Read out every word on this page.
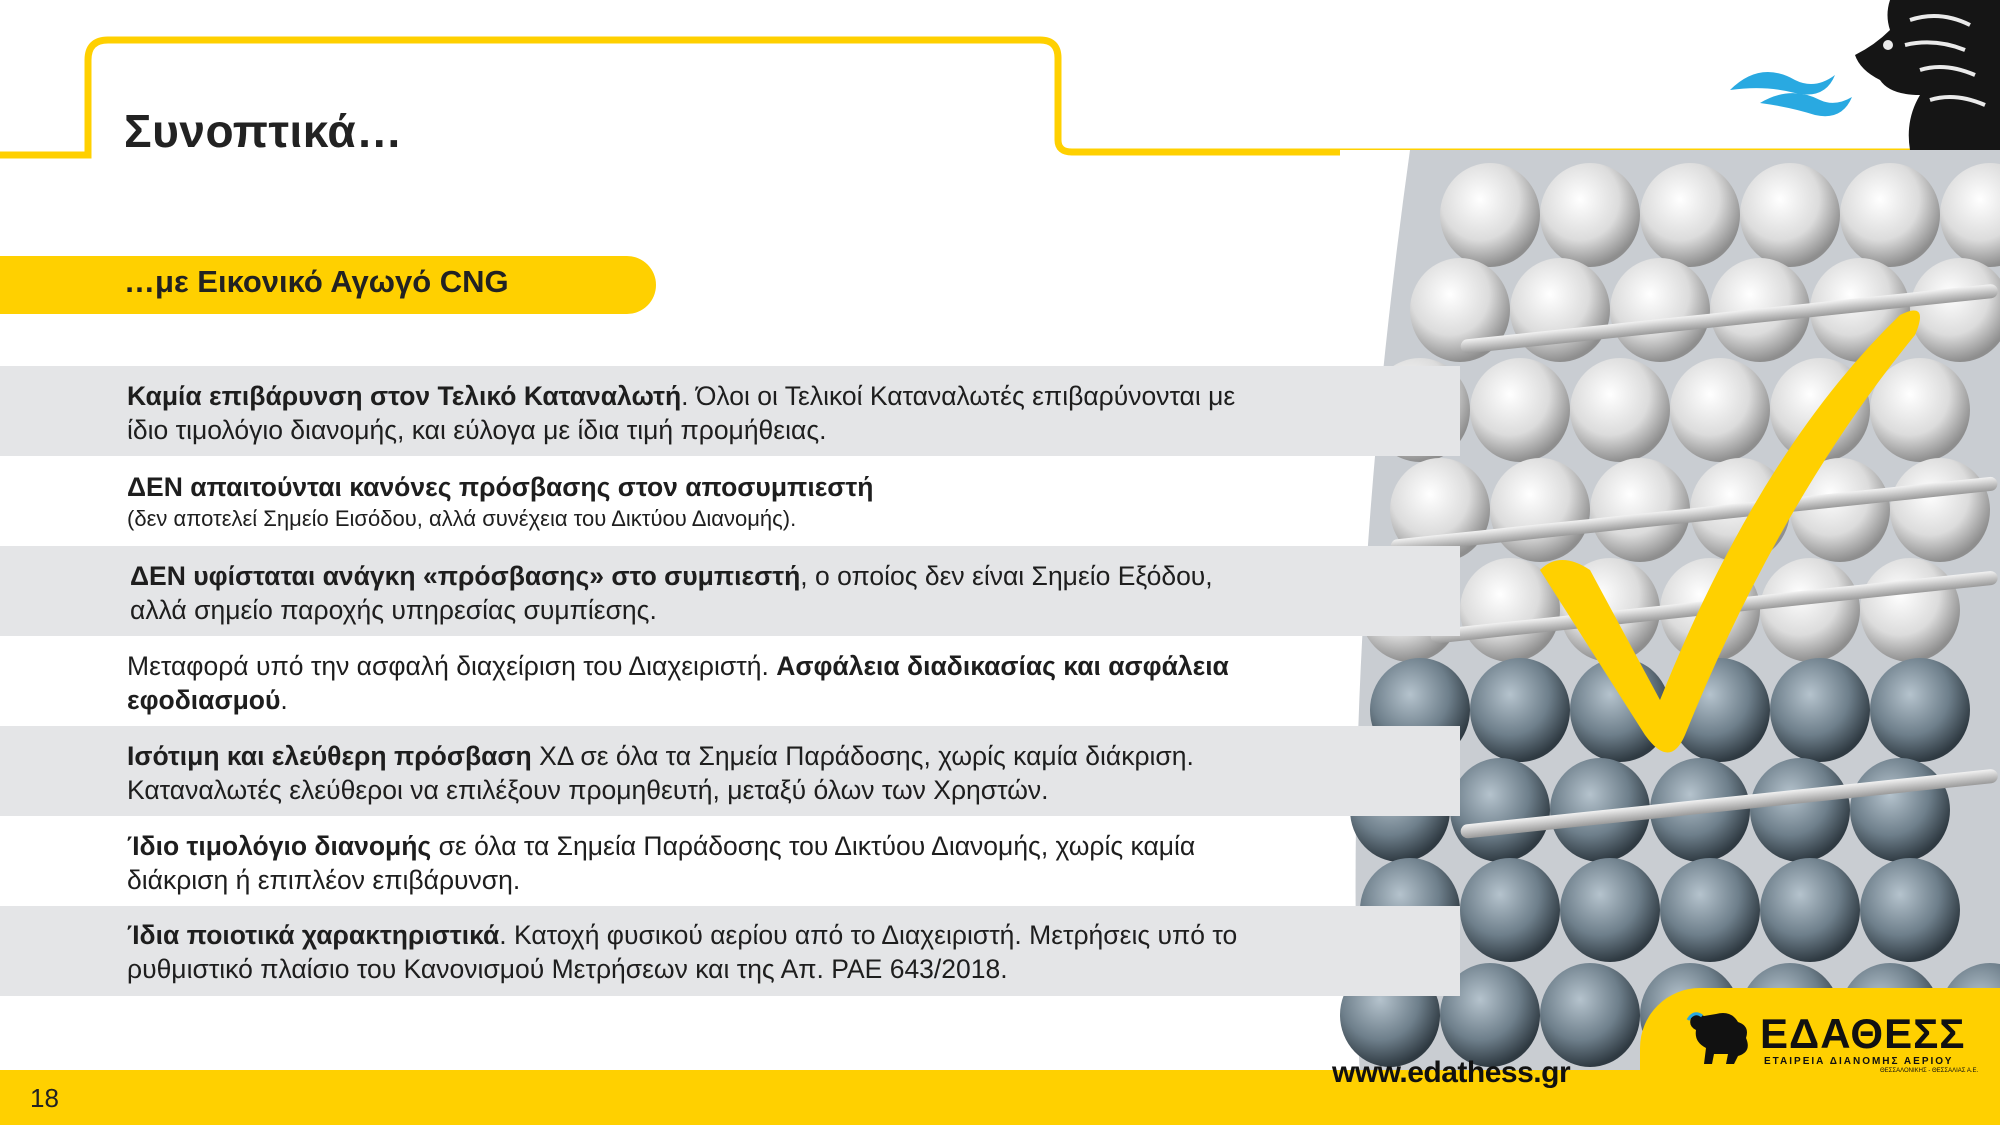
Συνοπτικά…
…με Εικονικό Αγωγό CNG
Καμία επιβάρυνση στον Τελικό Καταναλωτή. Όλοι οι Τελικοί Καταναλωτές επιβαρύνονται με
ίδιο τιμολόγιο διανομής, και εύλογα με ίδια τιμή προμήθειας.
ΔΕΝ απαιτούνται κανόνες πρόσβασης στον αποσυμπιεστή
(δεν αποτελεί Σημείο Εισόδου, αλλά συνέχεια του Δικτύου Διανομής).
ΔΕΝ υφίσταται ανάγκη «πρόσβασης» στο συμπιεστή, ο οποίος δεν είναι Σημείο Εξόδου,
αλλά σημείο παροχής υπηρεσίας συμπίεσης.
Μεταφορά υπό την ασφαλή διαχείριση του Διαχειριστή. Ασφάλεια διαδικασίας και ασφάλεια
εφοδιασμού.
Ισότιμη και ελεύθερη πρόσβαση ΧΔ σε όλα τα Σημεία Παράδοσης, χωρίς καμία διάκριση.
Καταναλωτές ελεύθεροι να επιλέξουν προμηθευτή, μεταξύ όλων των Χρηστών.
Ίδιο τιμολόγιο διανομής σε όλα τα Σημεία Παράδοσης του Δικτύου Διανομής, χωρίς καμία
διάκριση ή επιπλέον επιβάρυνση.
Ίδια ποιοτικά χαρακτηριστικά. Κατοχή φυσικού αερίου από το Διαχειριστή. Μετρήσεις υπό το
ρυθμιστικό πλαίσιο του Κανονισμού Μετρήσεων και της Απ. ΡΑΕ 643/2018.
18
www.edathess.gr
ΕΔΑΘΕΣΣ
ΕΤΑΙΡΕΙΑ ΔΙΑΝΟΜΗΣ ΑΕΡΙΟΥ
ΘΕΣΣΑΛΟΝΙΚΗΣ - ΘΕΣΣΑΛΙΑΣ Α.Ε.
